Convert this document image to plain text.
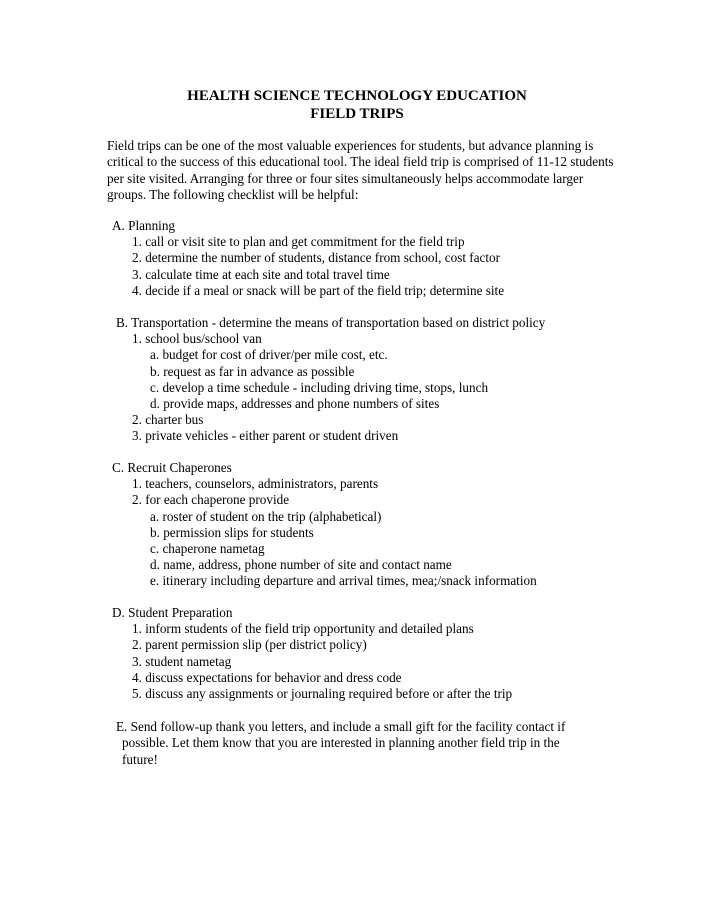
HEALTH SCIENCE TECHNOLOGY EDUCATION
FIELD TRIPS

Field trips can be one of the most valuable experiences for students, but advance planning is critical to the success of this educational tool. The ideal field trip is comprised of 11-12 students per site visited. Arranging for three or four sites simultaneously helps accommodate larger groups. The following checklist will be helpful:

A. Planning
1. call or visit site to plan and get commitment for the field trip
2. determine the number of students, distance from school, cost factor
3. calculate time at each site and total travel time
4. decide if a meal or snack will be part of the field trip; determine site
B. Transportation - determine the means of transportation based on district policy
1. school bus/school van
a. budget for cost of driver/per mile cost, etc.
b. request as far in advance as possible
c. develop a time schedule - including driving time, stops, lunch
d. provide maps, addresses and phone numbers of sites
2. charter bus
3. private vehicles - either parent or student driven
C. Recruit Chaperones
1. teachers, counselors, administrators, parents
2. for each chaperone provide
a. roster of student on the trip (alphabetical)
b. permission slips for students
c. chaperone nametag
d. name, address, phone number of site and contact name
e. itinerary including departure and arrival times, mea;/snack information
D. Student Preparation
1. inform students of the field trip opportunity and detailed plans
2. parent permission slip (per district policy)
3. student nametag
4. discuss expectations for behavior and dress code
5. discuss any assignments or journaling required before or after the trip
E. Send follow-up thank you letters, and include a small gift for the facility contact if
possible. Let them know that you are interested in planning another field trip in the
future!
